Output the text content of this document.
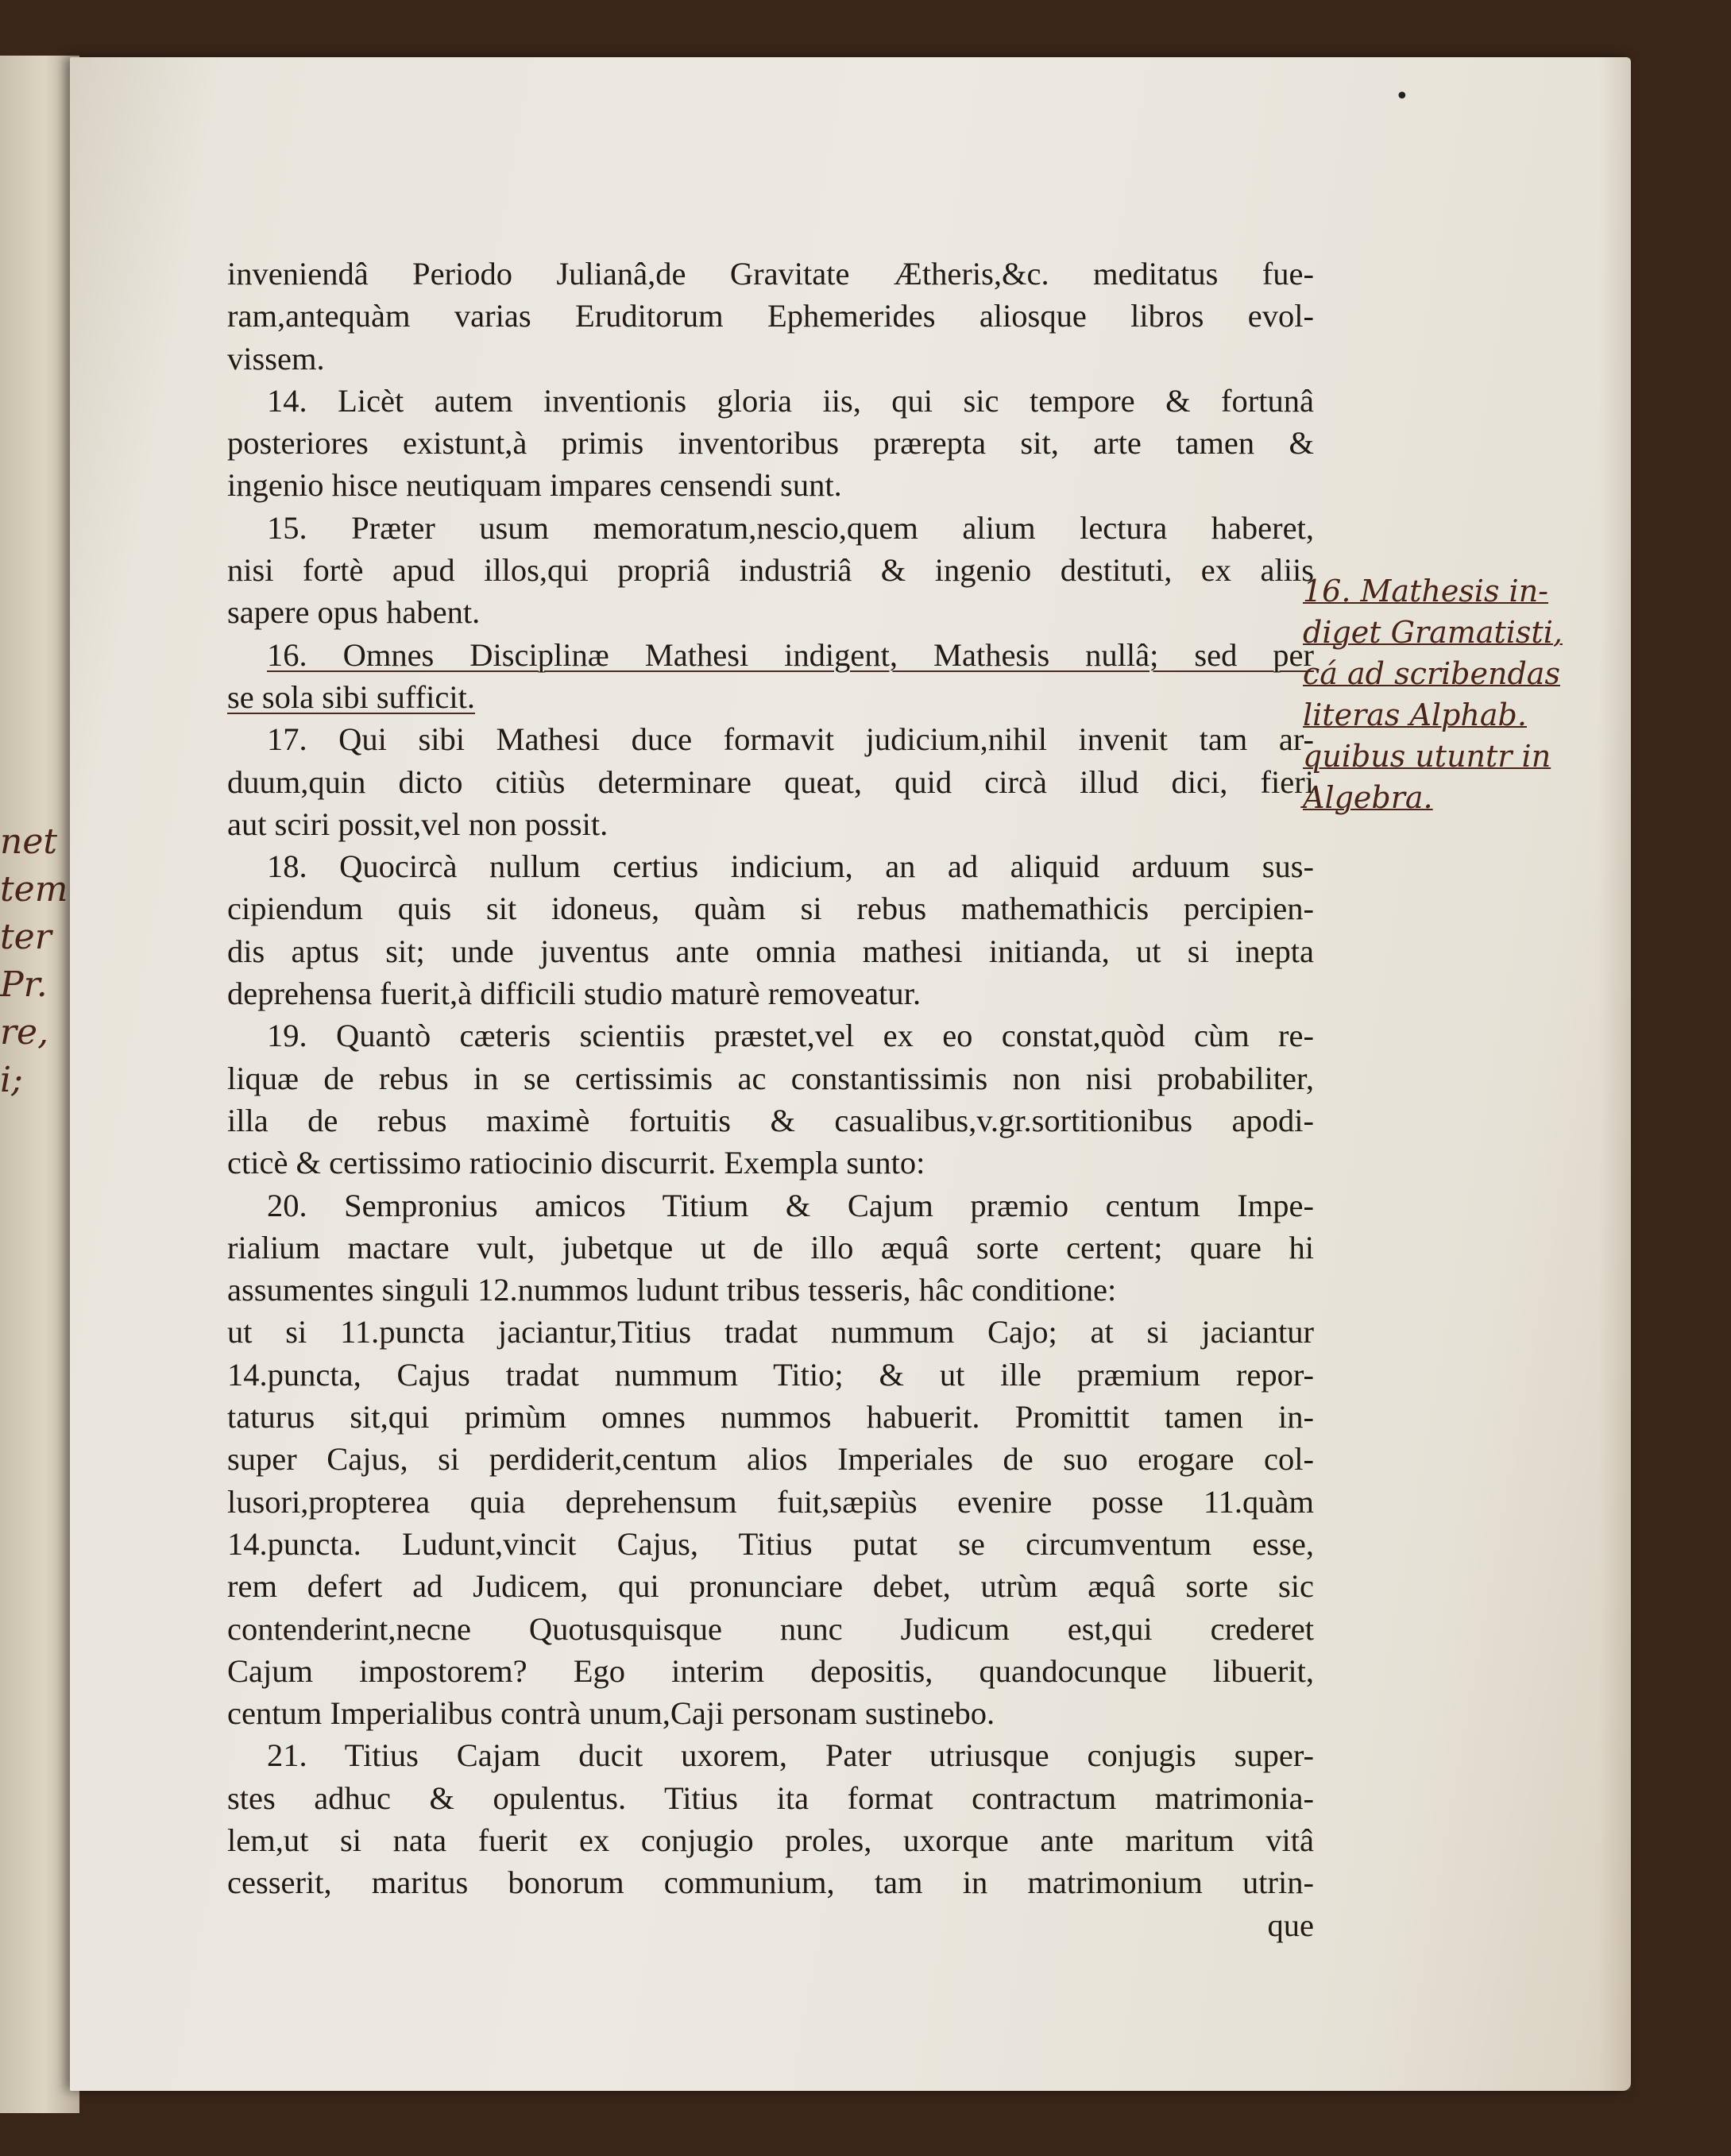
net
tem
ter
Pr.
re,
i;
•
inveniendâ Periodo Julianâ,de Gravitate Ætheris,&c. meditatus fue-
ram,antequàm varias Eruditorum Ephemerides aliosque libros evol-
vissem.
14. Licèt autem inventionis gloria iis, qui sic tempore & fortunâ
posteriores existunt,à primis inventoribus prærepta sit, arte tamen &
ingenio hisce neutiquam impares censendi sunt.
15. Præter usum memoratum,nescio,quem alium lectura haberet,
nisi fortè apud illos,qui propriâ industriâ & ingenio destituti, ex aliis
sapere opus habent.
16. Omnes Disciplinæ Mathesi indigent, Mathesis nullâ; sed per
se sola sibi sufficit.
17. Qui sibi Mathesi duce formavit judicium,nihil invenit tam ar-
duum,quin dicto citiùs determinare queat, quid circà illud dici, fieri
aut sciri possit,vel non possit.
18. Quocircà nullum certius indicium, an ad aliquid arduum sus-
cipiendum quis sit idoneus, quàm si rebus mathemathicis percipien-
dis aptus sit; unde juventus ante omnia mathesi initianda, ut si inepta
deprehensa fuerit,à difficili studio maturè removeatur.
19. Quantò cæteris scientiis præstet,vel ex eo constat,quòd cùm re-
liquæ de rebus in se certissimis ac constantissimis non nisi probabiliter,
illa de rebus maximè fortuitis & casualibus,v.gr.sortitionibus apodi-
cticè & certissimo ratiocinio discurrit. Exempla sunto:
20. Sempronius amicos Titium & Cajum præmio centum Impe-
rialium mactare vult, jubetque ut de illo æquâ sorte certent; quare hi
assumentes singuli 12.nummos ludunt tribus tesseris, hâc conditione:
ut si 11.puncta jaciantur,Titius tradat nummum Cajo; at si jaciantur
14.puncta, Cajus tradat nummum Titio; & ut ille præmium repor-
taturus sit,qui primùm omnes nummos habuerit. Promittit tamen in-
super Cajus, si perdiderit,centum alios Imperiales de suo erogare col-
lusori,propterea quia deprehensum fuit,sæpiùs evenire posse 11.quàm
14.puncta. Ludunt,vincit Cajus, Titius putat se circumventum esse,
rem defert ad Judicem, qui pronunciare debet, utrùm æquâ sorte sic
contenderint,necne Quotusquisque nunc Judicum est,qui crederet
Cajum impostorem? Ego interim depositis, quandocunque libuerit,
centum Imperialibus contrà unum,Caji personam sustinebo.
21. Titius Cajam ducit uxorem, Pater utriusque conjugis super-
stes adhuc & opulentus. Titius ita format contractum matrimonia-
lem,ut si nata fuerit ex conjugio proles, uxorque ante maritum vitâ
cesserit, maritus bonorum communium, tam in matrimonium utrin-
que
16. Mathesis in-
diget Gramatisti,
cá ad scribendas
literas Alphab.
quibus utuntr in
Algebra.
